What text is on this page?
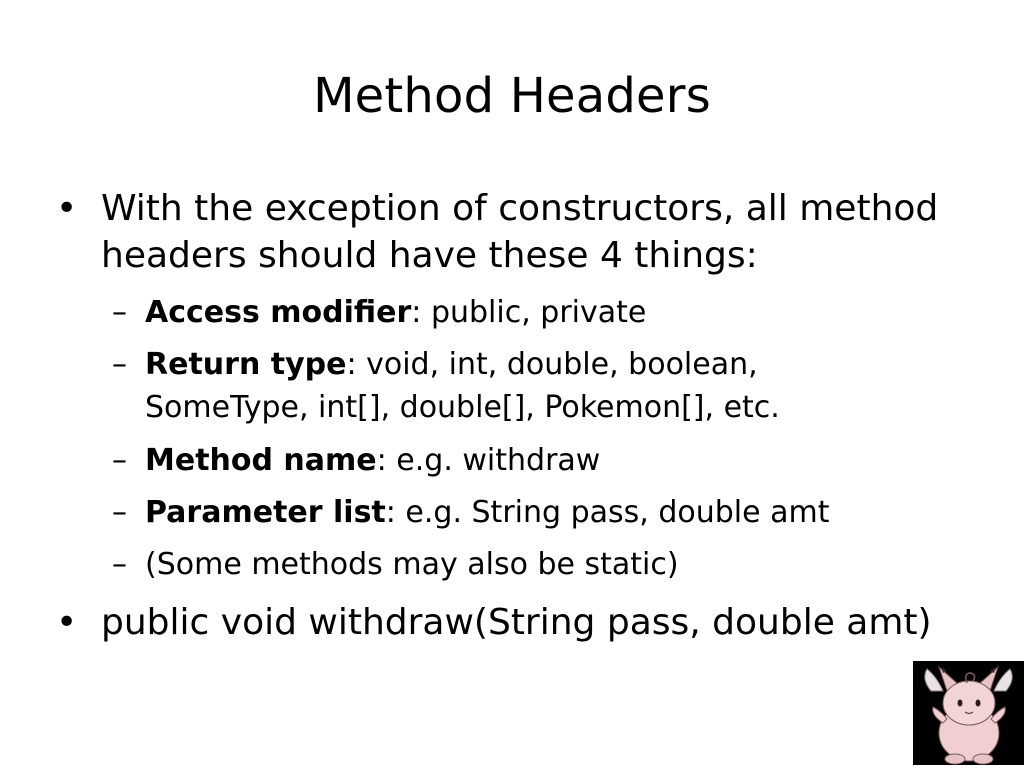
Method Headers
• With the exception of constructors, all method
headers should have these 4 things:
– Access modifier: public, private
– Return type: void, int, double, boolean,
SomeType, int[], double[], Pokemon[], etc.
– Method name: e.g. withdraw
– Parameter list: e.g. String pass, double amt
– (Some methods may also be static)
• public void withdraw(String pass, double amt)
